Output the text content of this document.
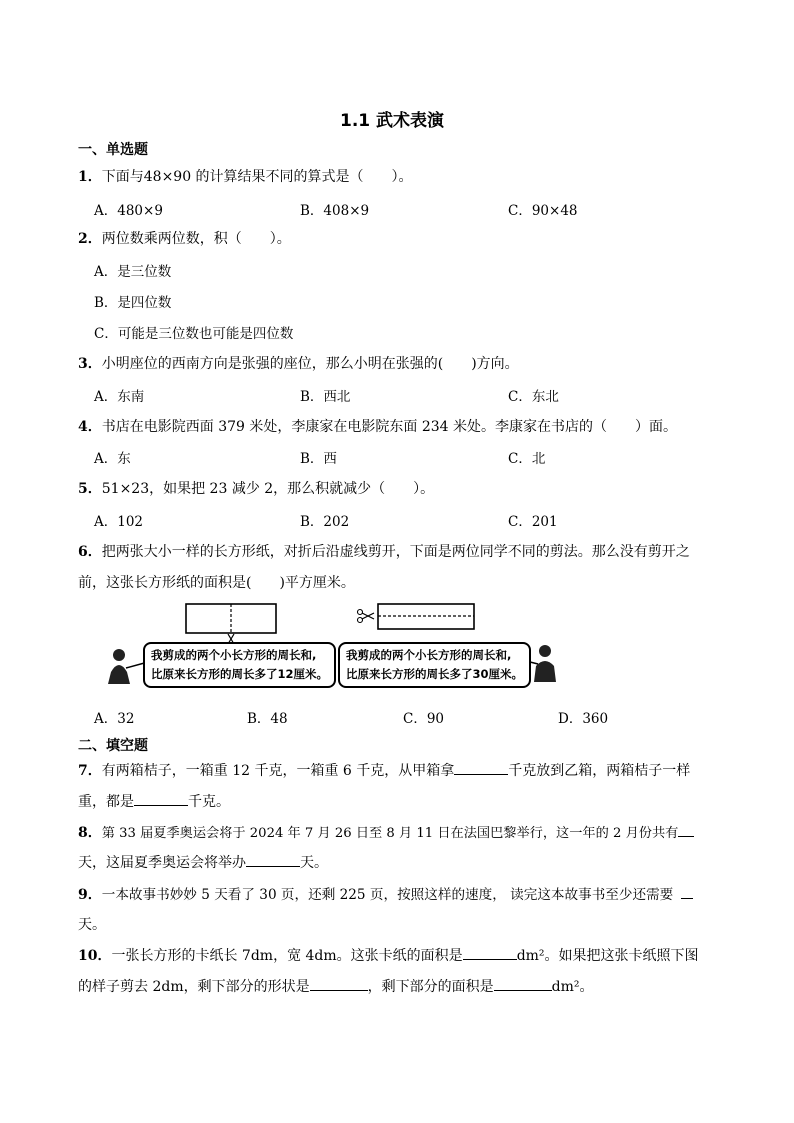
1.1 武术表演
一、单选题
1．下面与48×90 的计算结果不同的算式是（　　）。
A．480×9	B．408×9	C．90×48
2．两位数乘两位数，积（　　）。
A．是三位数
B．是四位数
C．可能是三位数也可能是四位数
3．小明座位的西南方向是张强的座位，那么小明在张强的(　　)方向。
A．东南	B．西北	C．东北
4．书店在电影院西面 379 米处，李康家在电影院东面 234 米处。李康家在书店的（　　）面。
A．东	B．西	C．北
5．51×23，如果把 23 减少 2，那么积就减少（　　）。
A．102	B．202	C．201
6．把两张大小一样的长方形纸，对折后沿虚线剪开，下面是两位同学不同的剪法。那么没有剪开之
前，这张长方形纸的面积是(　　)平方厘米。
我剪成的两个小长方形的周长和,
比原来长方形的周长多了12厘米。
我剪成的两个小长方形的周长和,
比原来长方形的周长多了30厘米。
A．32	B．48	C．90	D．360
二、填空题
7．有两箱桔子，一箱重 12 千克，一箱重 6 千克，从甲箱拿	千克放到乙箱，两箱桔子一样
重，都是	千克。
8．第 33 届夏季奥运会将于 2024 年 7 月 26 日至 8 月 11 日在法国巴黎举行，这一年的 2 月份共有
天，这届夏季奥运会将举办	天。
9．一本故事书妙妙 5 天看了 30 页，还剩 225 页，按照这样的速度， 读完这本故事书至少还需要
天。
10．一张长方形的卡纸长 7dm，宽 4dm。这张卡纸的面积是	dm²。如果把这张卡纸照下图
的样子剪去 2dm，剩下部分的形状是	，剩下部分的面积是	dm²。
